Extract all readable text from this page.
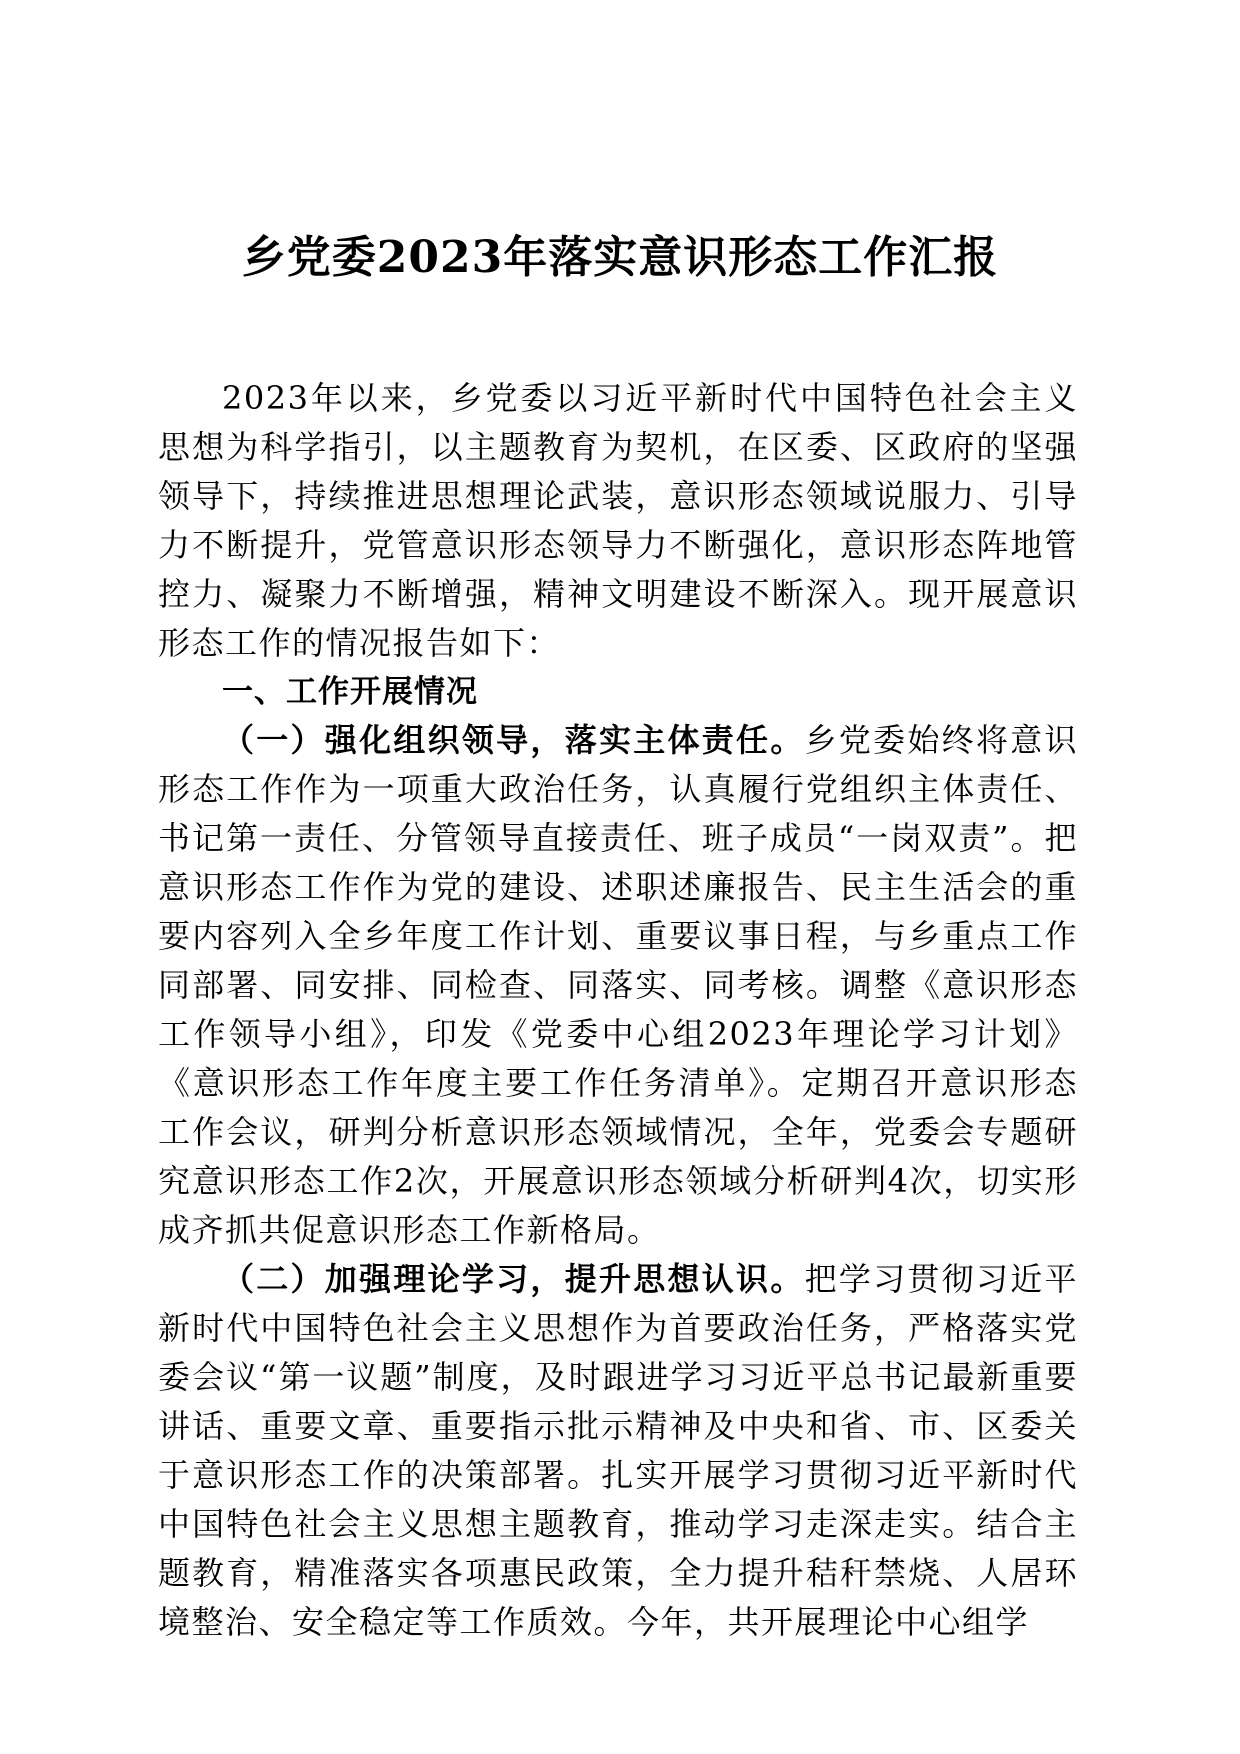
乡党委2023年落实意识形态工作汇报

2023年以来，乡党委以习近平新时代中国特色社会主义思想为科学指引，以主题教育为契机，在区委、区政府的坚强领导下，持续推进思想理论武装，意识形态领域说服力、引导力不断提升，党管意识形态领导力不断强化，意识形态阵地管控力、凝聚力不断增强，精神文明建设不断深入。现开展意识形态工作的情况报告如下：

一、工作开展情况

（一）强化组织领导，落实主体责任。乡党委始终将意识形态工作作为一项重大政治任务，认真履行党组织主体责任、书记第一责任、分管领导直接责任、班子成员“一岗双责”。把意识形态工作作为党的建设、述职述廉报告、民主生活会的重要内容列入全乡年度工作计划、重要议事日程，与乡重点工作同部署、同安排、同检查、同落实、同考核。调整《意识形态工作领导小组》，印发《党委中心组2023年理论学习计划》《意识形态工作年度主要工作任务清单》。定期召开意识形态工作会议，研判分析意识形态领域情况，全年，党委会专题研究意识形态工作2次，开展意识形态领域分析研判4次，切实形成齐抓共促意识形态工作新格局。

（二）加强理论学习，提升思想认识。把学习贯彻习近平新时代中国特色社会主义思想作为首要政治任务，严格落实党委会议“第一议题”制度，及时跟进学习习近平总书记最新重要讲话、重要文章、重要指示批示精神及中央和省、市、区委关于意识形态工作的决策部署。扎实开展学习贯彻习近平新时代中国特色社会主义思想主题教育，推动学习走深走实。结合主题教育，精准落实各项惠民政策，全力提升秸秆禁烧、人居环境整治、安全稳定等工作质效。今年，共开展理论中心组学
